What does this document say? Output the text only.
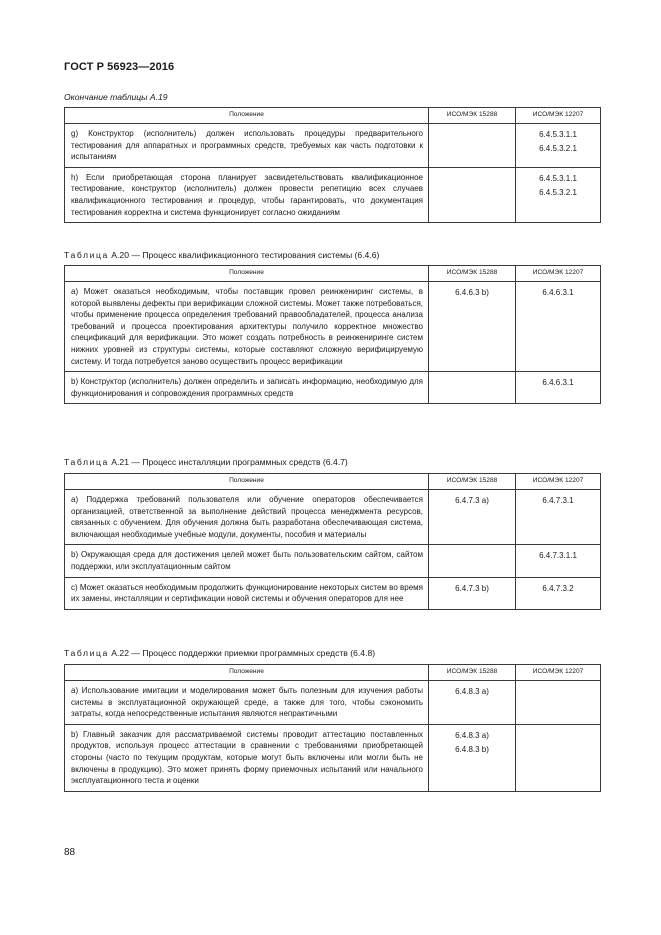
ГОСТ Р 56923—2016
Окончание таблицы А.19
Положение	ИСО/МЭК 15288	ИСО/МЭК 12207
g) Конструктор (исполнитель) должен использовать процедуры предварительного тестирования для аппаратных и программных средств, требуемых как часть подготовки к испытаниям		6.4.5.3.1.1
6.4.5.3.2.1

h) Если приобретающая сторона планирует засвидетельствовать квалификационное тестирование, конструктор (исполнитель) должен провести репетицию всех случаев квалификационного тестирования и процедур, чтобы гарантировать, что документация тестирования корректна и система функционирует согласно ожиданиям		6.4.5.3.1.1
6.4.5.3.2.1
Таблица А.20 — Процесс квалификационного тестирования системы (6.4.6)
Положение	ИСО/МЭК 15288	ИСО/МЭК 12207
а) Может оказаться необходимым, чтобы поставщик провел реинжениринг системы, в которой выявлены дефекты при верификации сложной системы. Может также потребоваться, чтобы применение процесса определения требований правообладателей, процесса анализа требований и процесса проектирования архитектуры получило корректное множество спецификаций для верификации. Это может создать потребность в реинжениринге систем нижних уровней из структуры системы, которые составляют сложную верифицируемую систему. И тогда потребуется заново осуществить процесс верификации	6.4.6.3 b)	6.4.6.3.1

b) Конструктор (исполнитель) должен определить и записать информацию, необходимую для функционирования и сопровождения программных средств		6.4.6.3.1
Таблица А.21 — Процесс инсталляции программных средств (6.4.7)
Положение	ИСО/МЭК 15288	ИСО/МЭК 12207
а) Поддержка требований пользователя или обучение операторов обеспечивается организацией, ответственной за выполнение действий процесса менеджмента ресурсов, связанных с обучением. Для обучения должна быть разработана обеспечивающая система, включающая необходимые учебные модули, документы, пособия и материалы	6.4.7.3 а)	6.4.7.3.1

b) Окружающая среда для достижения целей может быть пользовательским сайтом, сайтом поддержки, или эксплуатационным сайтом		6.4.7.3.1.1

с) Может оказаться необходимым продолжить функционирование некоторых систем во время их замены, инсталляции и сертификации новой системы и обучения операторов для нее	6.4.7.3 b)	6.4.7.3.2
Таблица А.22 — Процесс поддержки приемки программных средств (6.4.8)
Положение	ИСО/МЭК 15288	ИСО/МЭК 12207
а) Использование имитации и моделирования может быть полезным для изучения работы системы в эксплуатационной окружающей среде, а также для того, чтобы сэкономить затраты, когда непосредственные испытания являются непрактичными	6.4.8.3 а)	

b) Главный заказчик для рассматриваемой системы проводит аттестацию поставленных продуктов, используя процесс аттестации в сравнении с требованиями приобретающей стороны (часто по текущим продуктам, которые могут быть включены или могли быть не включены в продукцию). Это может принять форму приемочных испытаний или начального эксплуатационного теста и оценки	6.4.8.3 а)
6.4.8.3 b)	

88
